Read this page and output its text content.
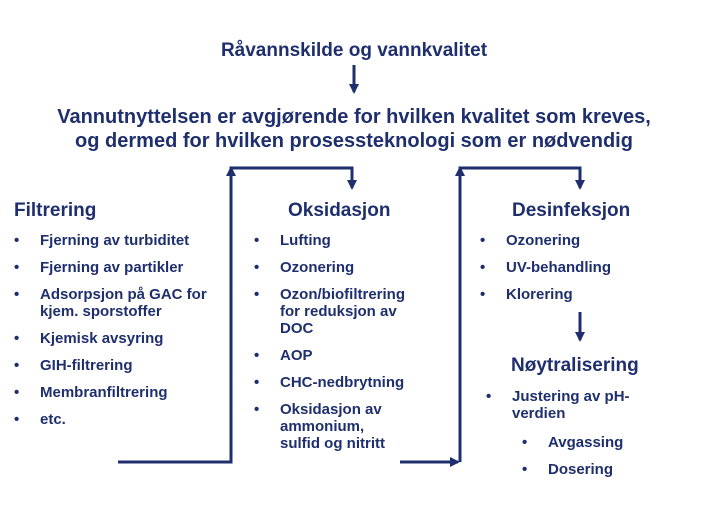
Råvannskilde og vannkvalitet
Vannutnyttelsen er avgjørende for hvilken kvalitet som kreves,
og dermed for hvilken prosessteknologi som er nødvendig
Filtrering	Oksidasjon	Desinfeksjon
Nøytralisering
• Fjerning av turbiditet
• Fjerning av partikler
• Adsorpsjon på GAC for kjem. sporstoffer
• Kjemisk avsyring
• GIH-filtrering
• Membranfiltrering
• etc.
• Lufting
• Ozonering
• Ozon/biofiltrering for reduksjon av DOC
• AOP
• CHC-nedbrytning
• Oksidasjon av ammonium, sulfid og nitritt
• Ozonering
• UV-behandling
• Klorering
• Justering av pH-verdien
• Avgassing
• Dosering
